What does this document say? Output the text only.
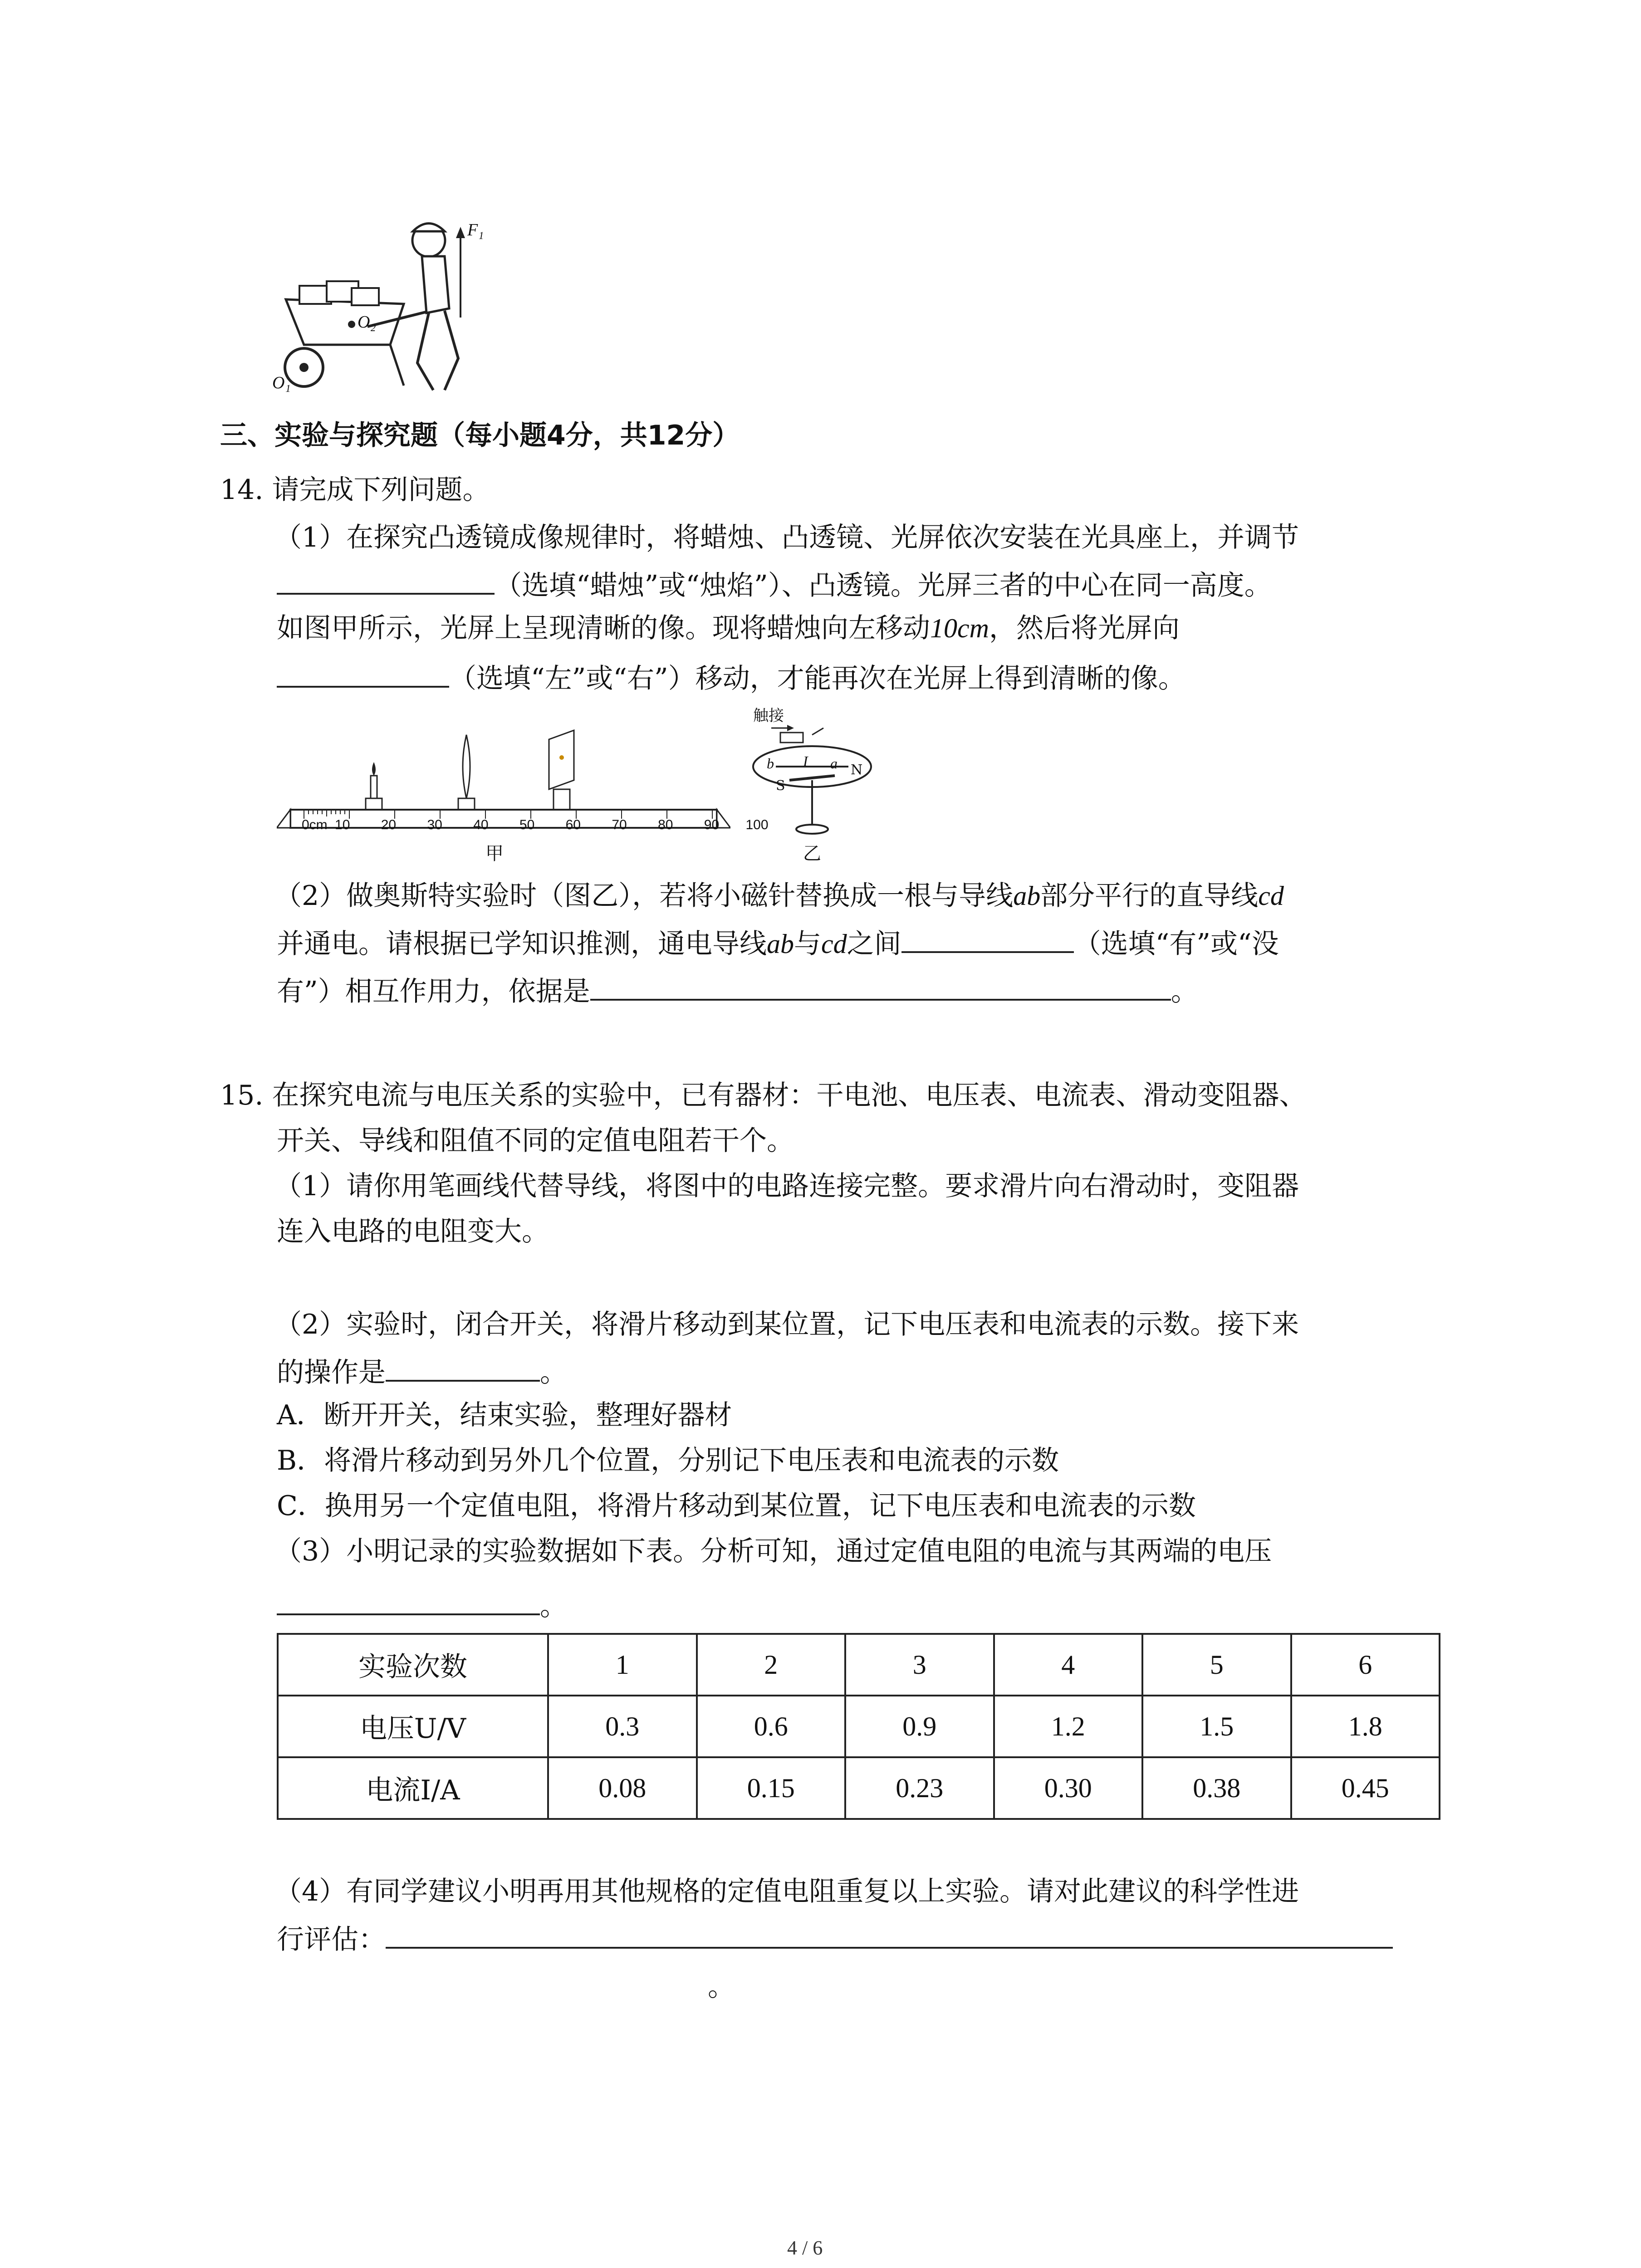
F₁
O₂
O₁
三、实验与探究题（每小题4分，共12分）
14. 请完成下列问题。
（1）在探究凸透镜成像规律时，将蜡烛、凸透镜、光屏依次安装在光具座上，并调节
（选填“蜡烛”或“烛焰”）、凸透镜。光屏三者的中心在同一高度。
如图甲所示，光屏上呈现清晰的像。现将蜡烛向左移动10cm，然后将光屏向
（选填“左”或“右”）移动，才能再次在光屏上得到清晰的像。
0cm 10 20 30 40 50 60 70 80 90 100
甲
触接
b I a
S
N
乙
（2）做奥斯特实验时（图乙），若将小磁针替换成一根与导线ab部分平行的直导线cd
并通电。请根据已学知识推测，通电导线ab与cd之间	（选填“有”或“没
有”）相互作用力，依据是	。
15. 在探究电流与电压关系的实验中，已有器材：干电池、电压表、电流表、滑动变阻器、
开关、导线和阻值不同的定值电阻若干个。
（1）请你用笔画线代替导线，将图中的电路连接完整。要求滑片向右滑动时，变阻器
连入电路的电阻变大。
（2）实验时，闭合开关，将滑片移动到某位置，记下电压表和电流表的示数。接下来
的操作是	。
A．断开开关，结束实验，整理好器材
B．将滑片移动到另外几个位置，分别记下电压表和电流表的示数
C．换用另一个定值电阻，将滑片移动到某位置，记下电压表和电流表的示数
（3）小明记录的实验数据如下表。分析可知，通过定值电阻的电流与其两端的电压
。
实验次数	1	2	3	4	5	6
电压U/V	0.3	0.6	0.9	1.2	1.5	1.8
电流I/A	0.08	0.15	0.23	0.30	0.38	0.45
（4）有同学建议小明再用其他规格的定值电阻重复以上实验。请对此建议的科学性进
行评估：
。
4 / 6
